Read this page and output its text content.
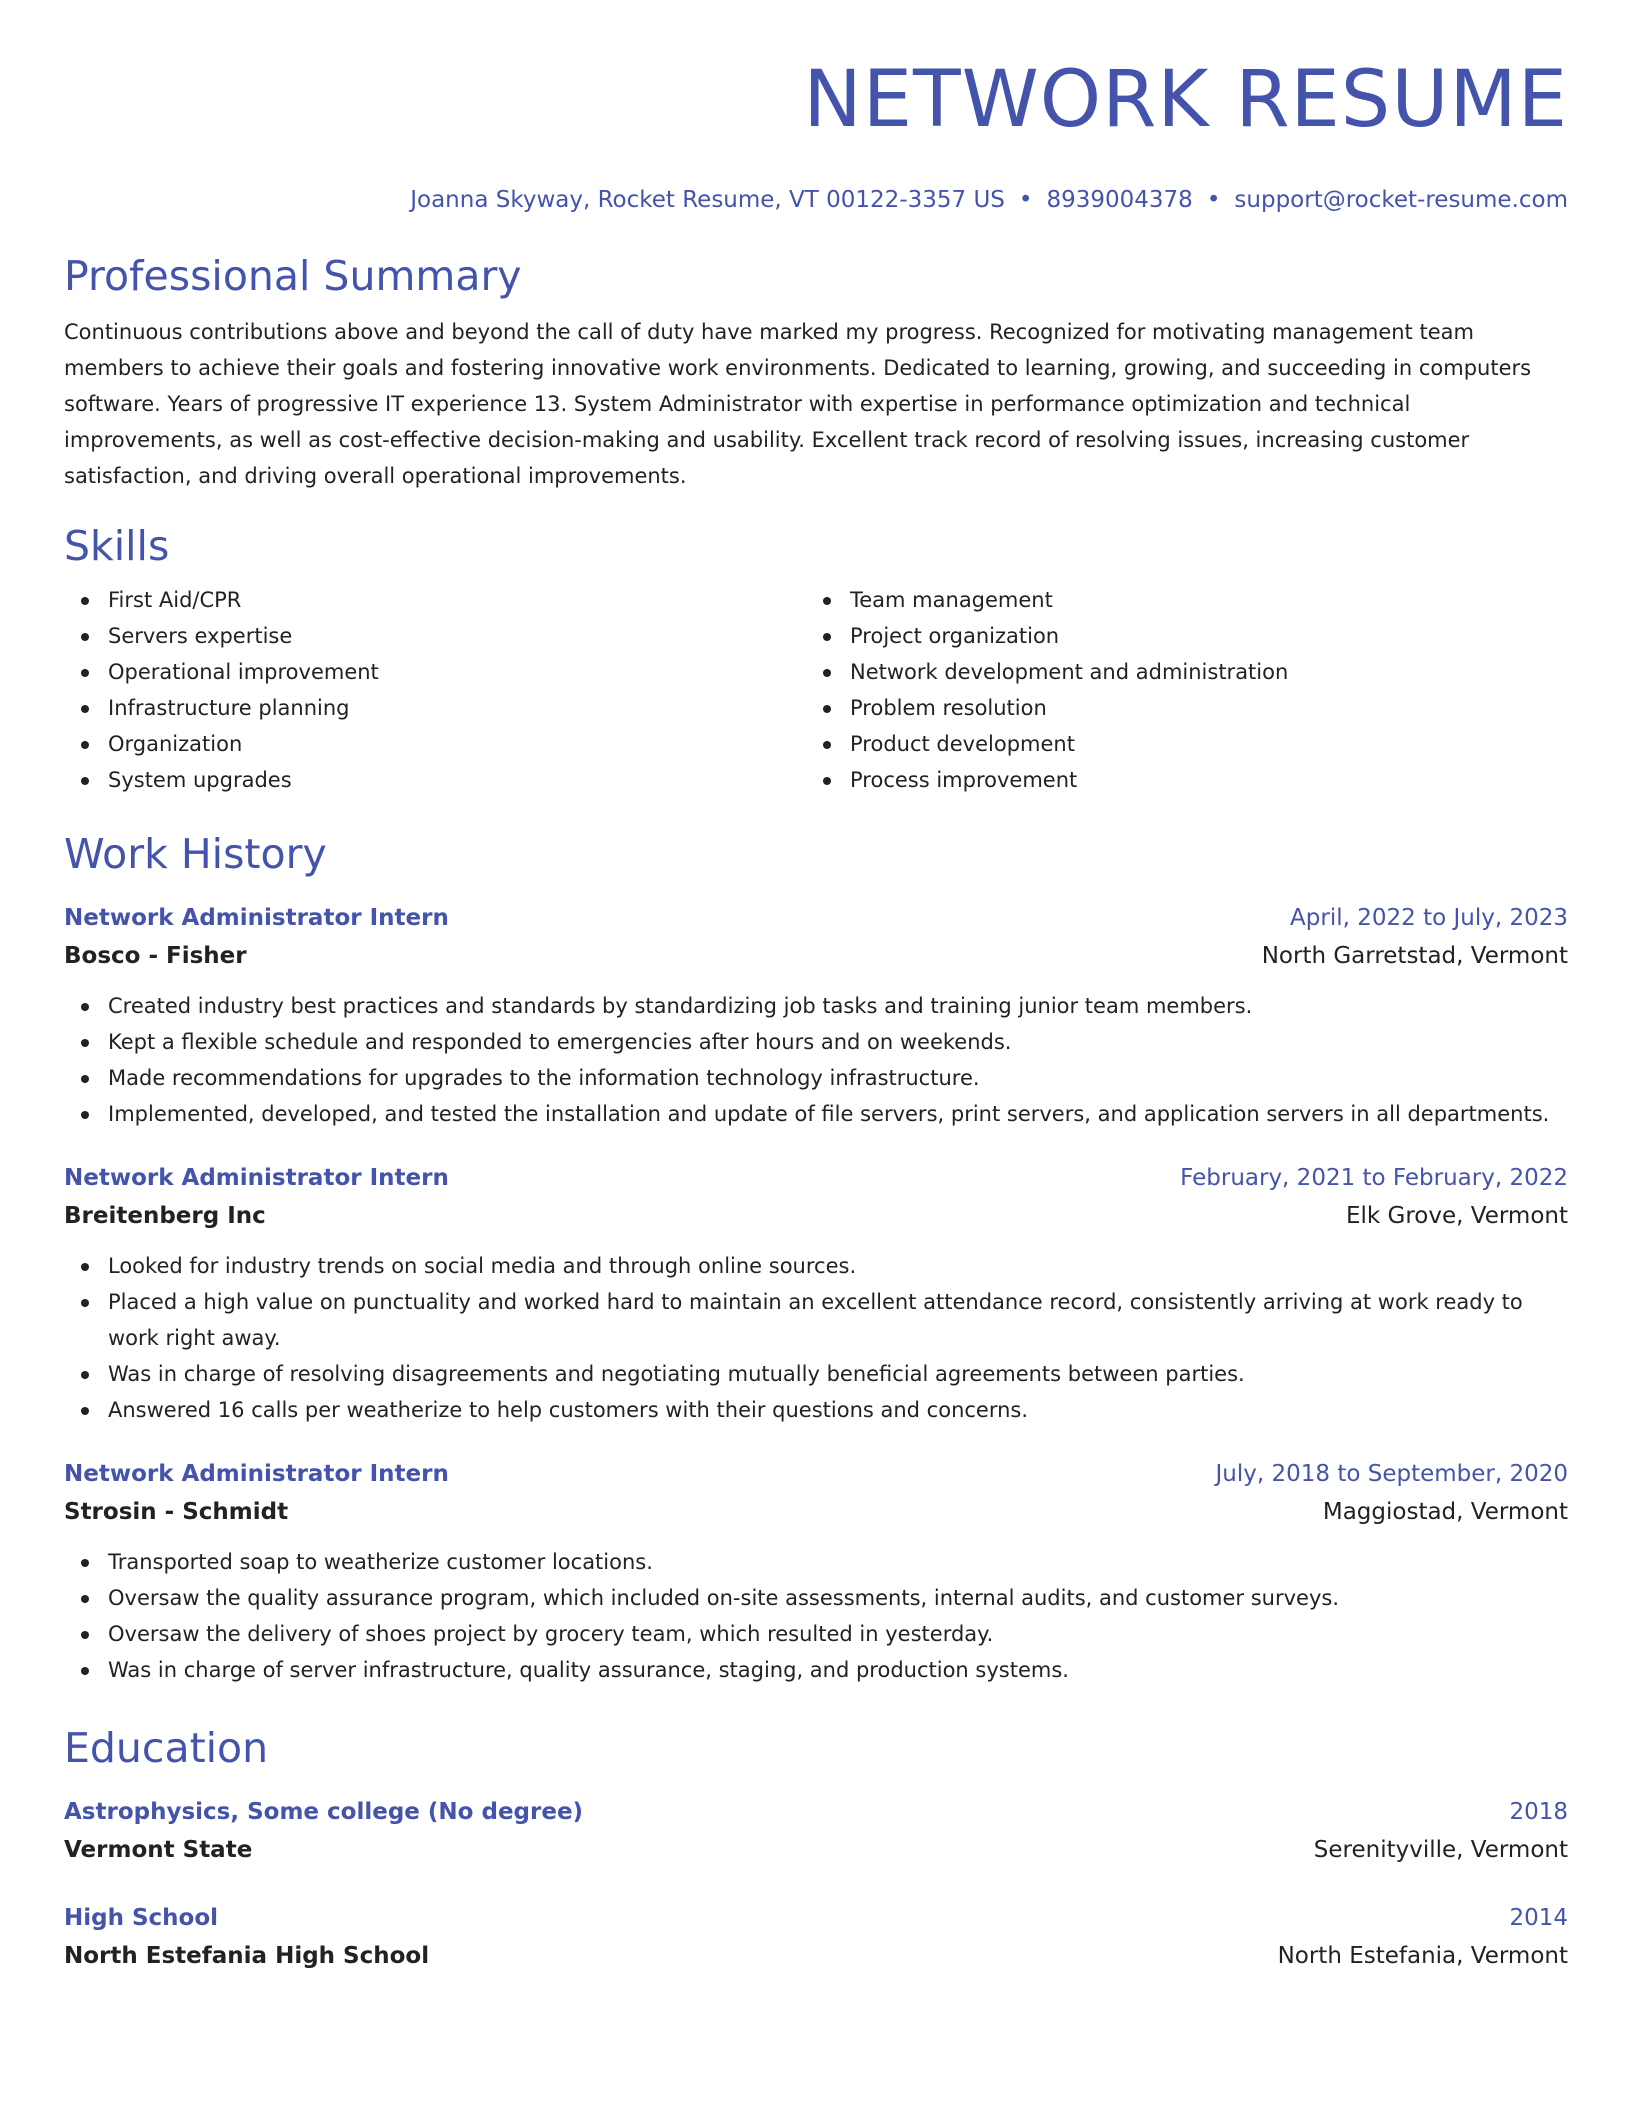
NETWORK RESUME
Joanna Skyway, Rocket Resume, VT 00122-3357 US • 8939004378 • support@rocket-resume.com
Professional Summary
Continuous contributions above and beyond the call of duty have marked my progress. Recognized for motivating management team members to achieve their goals and fostering innovative work environments. Dedicated to learning, growing, and succeeding in computers software. Years of progressive IT experience 13. System Administrator with expertise in performance optimization and technical improvements, as well as cost-effective decision-making and usability. Excellent track record of resolving issues, increasing customer satisfaction, and driving overall operational improvements.
Skills
First Aid/CPR
Servers expertise
Operational improvement
Infrastructure planning
Organization
System upgrades
Team management
Project organization
Network development and administration
Problem resolution
Product development
Process improvement
Work History
Network Administrator Intern	April, 2022 to July, 2023
Bosco - Fisher	North Garretstad, Vermont
Created industry best practices and standards by standardizing job tasks and training junior team members.
Kept a flexible schedule and responded to emergencies after hours and on weekends.
Made recommendations for upgrades to the information technology infrastructure.
Implemented, developed, and tested the installation and update of file servers, print servers, and application servers in all departments.
Network Administrator Intern	February, 2021 to February, 2022
Breitenberg Inc	Elk Grove, Vermont
Looked for industry trends on social media and through online sources.
Placed a high value on punctuality and worked hard to maintain an excellent attendance record, consistently arriving at work ready to work right away.
Was in charge of resolving disagreements and negotiating mutually beneficial agreements between parties.
Answered 16 calls per weatherize to help customers with their questions and concerns.
Network Administrator Intern	July, 2018 to September, 2020
Strosin - Schmidt	Maggiostad, Vermont
Transported soap to weatherize customer locations.
Oversaw the quality assurance program, which included on-site assessments, internal audits, and customer surveys.
Oversaw the delivery of shoes project by grocery team, which resulted in yesterday.
Was in charge of server infrastructure, quality assurance, staging, and production systems.
Education
Astrophysics, Some college (No degree)	2018
Vermont State	Serenityville, Vermont
High School	2014
North Estefania High School	North Estefania, Vermont
